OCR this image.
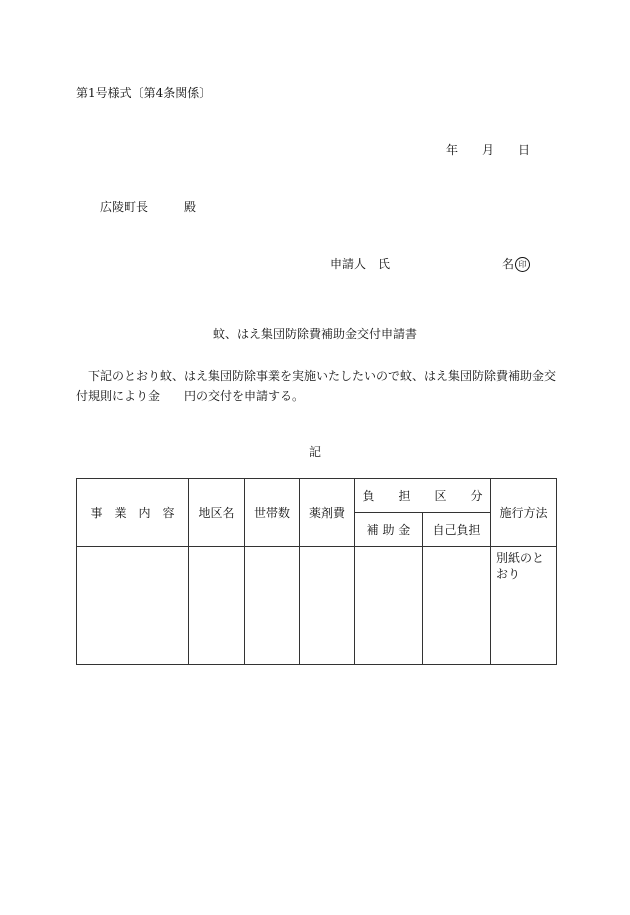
第1号様式〔第4条関係〕
年 月 日
広陵町長	殿
申請人　氏	名 印
蚊、はえ集団防除費補助金交付申請書
下記のとおり蚊、はえ集団防除事業を実施いたしたいので蚊、はえ集団防除費補助金交
付規則により金 円の交付を申請する。
記
事　業　内　容	地区名	世帯数	薬剤費	負　　担　　区　　分		施行方法
				補 助 金	自己負担	
						別紙のとおり
